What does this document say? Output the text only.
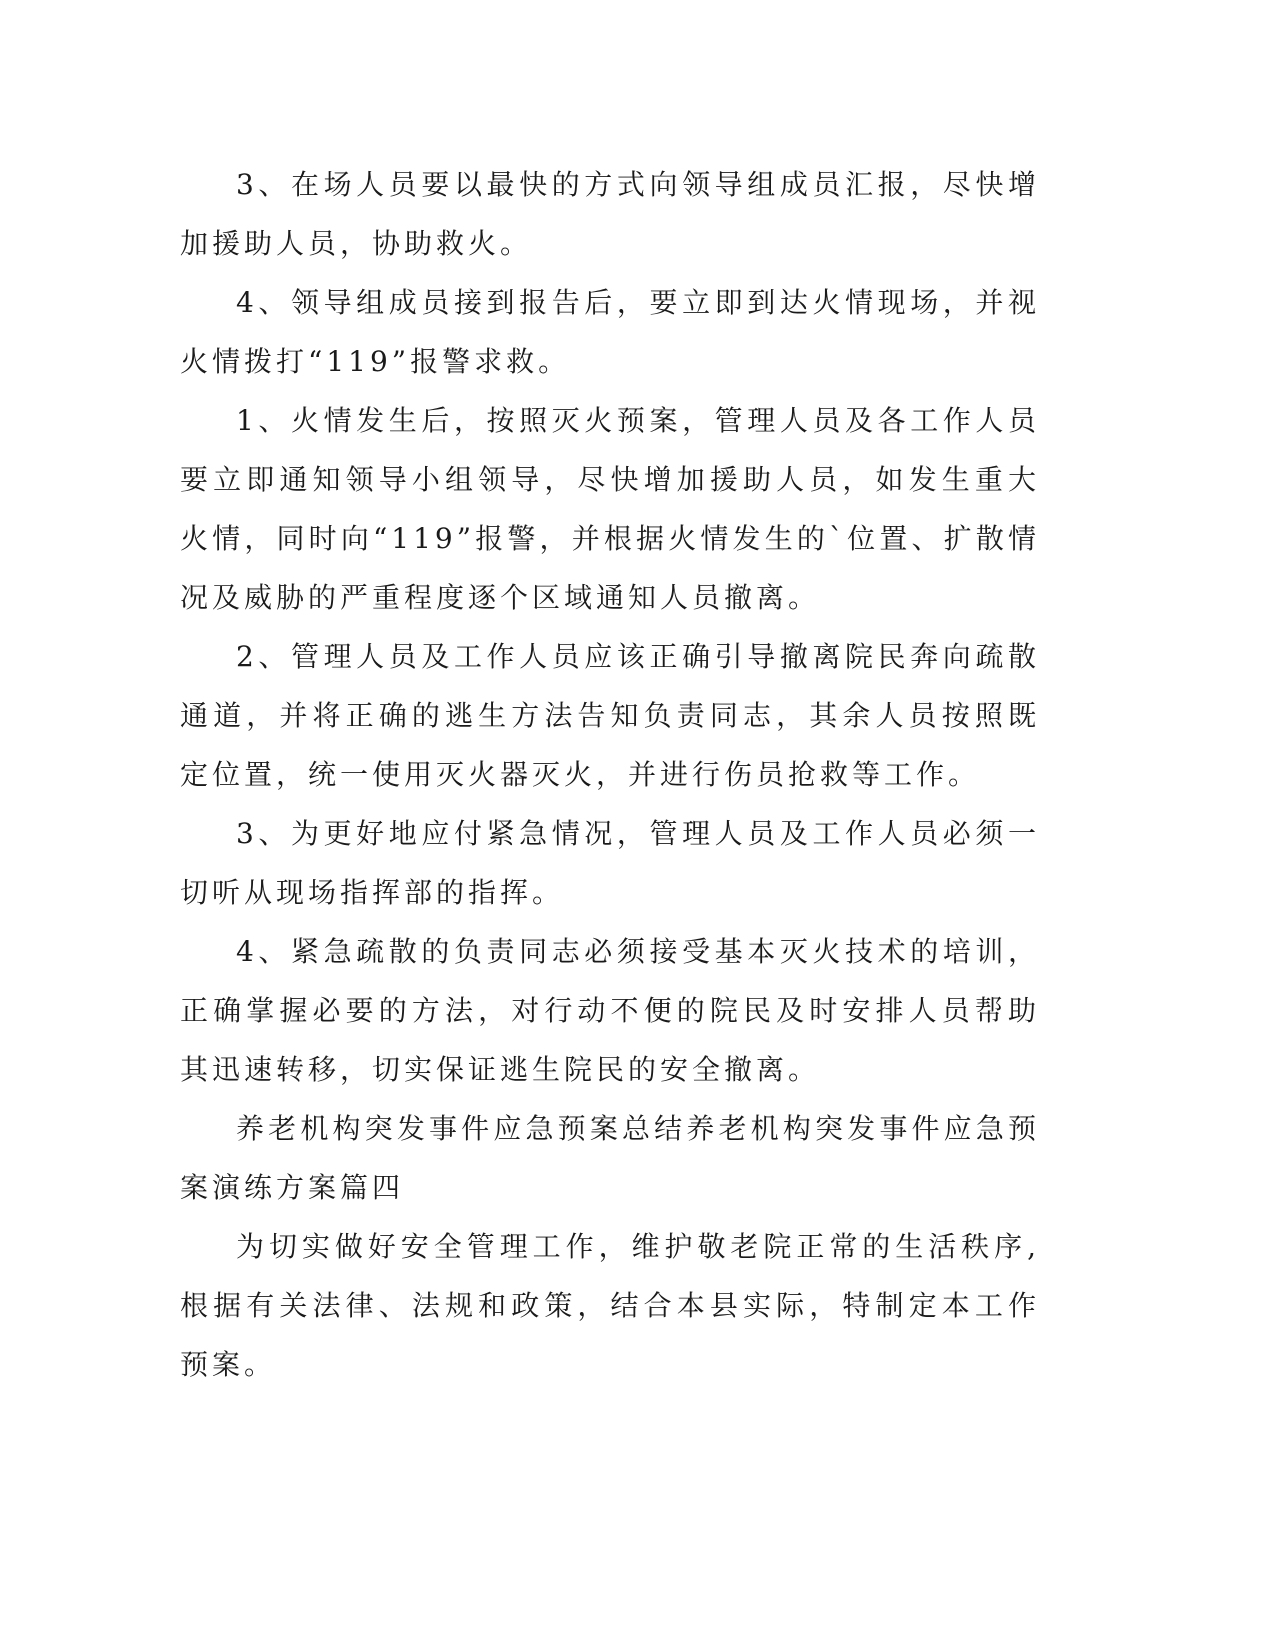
3、在场人员要以最快的方式向领导组成员汇报，尽快增加援助人员，协助救火。

4、领导组成员接到报告后，要立即到达火情现场，并视火情拨打“119”报警求救。

1、火情发生后，按照灭火预案，管理人员及各工作人员要立即通知领导小组领导，尽快增加援助人员，如发生重大火情，同时向“119”报警，并根据火情发生的`位置、扩散情况及威胁的严重程度逐个区域通知人员撤离。

2、管理人员及工作人员应该正确引导撤离院民奔向疏散通道，并将正确的逃生方法告知负责同志，其余人员按照既定位置，统一使用灭火器灭火，并进行伤员抢救等工作。

3、为更好地应付紧急情况，管理人员及工作人员必须一切听从现场指挥部的指挥。

4、紧急疏散的负责同志必须接受基本灭火技术的培训，正确掌握必要的方法，对行动不便的院民及时安排人员帮助其迅速转移，切实保证逃生院民的安全撤离。

养老机构突发事件应急预案总结养老机构突发事件应急预案演练方案篇四

为切实做好安全管理工作，维护敬老院正常的生活秩序,根据有关法律、法规和政策，结合本县实际，特制定本工作预案。
